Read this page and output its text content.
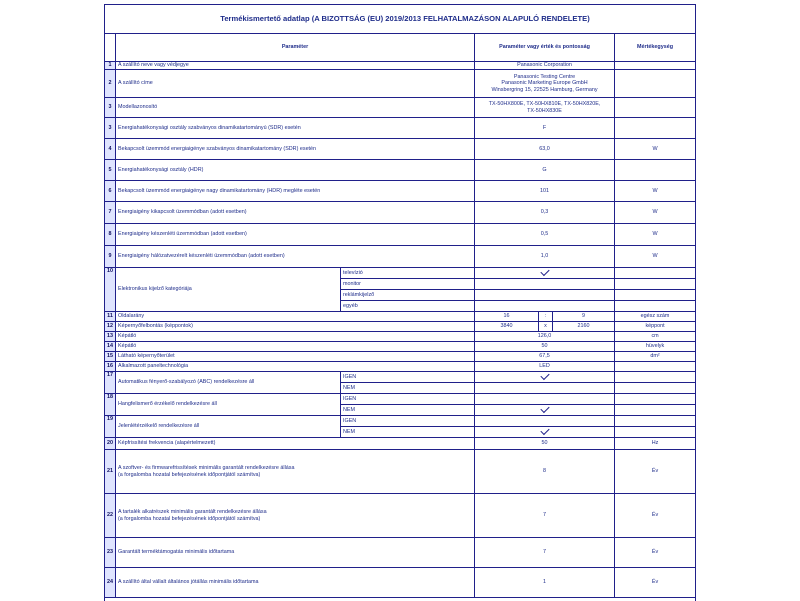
Termékismertető adatlap (A BIZOTTSÁG (EU) 2019/2013 FELHATALMAZÁSON ALAPULÓ RENDELETE)
	Paraméter		Paraméter vagy érték és pontosság			Mértékegység
1	A szállító neve vagy védjegye		Panasonic Corporation			
2	A szállító címe		Panasonic Testing Centre
Panasonic Marketing Europe GmbH
Winsbergring 15, 22525 Hamburg, Germany			

3	Modellazonosító		TX-50HX800E, TX-50HX810E, TX-50HX820E,
TX-50HX830E			

3	Energiahatékonysági osztály szabványos dinamikatartományú (SDR) esetén		F			
4	Bekapcsolt üzemmód energiaigénye szabványos dinamikatartomány (SDR) esetén		63,0			W
5	Energiahatékonysági osztály (HDR)		G			
6	Bekapcsolt üzemmód energiaigénye nagy dinamikatartomány (HDR) megléte esetén		101			W
7	Energiaigény kikapcsolt üzemmódban (adott esetben)		0,3			W
8	Energiaigény készenléti üzemmódban (adott esetben)		0,5			W
9	Energiaigény hálózatvezérelt készenléti üzemmódban (adott esetben)		1,0			W
10	Elektronikus kijelző kategóriája	televízió				
		monitor				
		reklámkijelző				
		egyéb				
11	Oldalarány		16	:	9	egész szám
12	Képernyőfelbontás (képpontok)		3840	x	2160	képpont
13	Képátló		126,0			cm
14	Képátló		50			hüvelyk
15	Látható képernyőterület		67,5			dm²
16	Alkalmazott paneltechnológia		LED			
17	Automatikus fényerő-szabályozó (ABC) rendelkezésre áll	IGEN				
		NEM				
18	Hangfelismerő érzékelő rendelkezésre áll	IGEN				
		NEM				
19	Jelenlétérzékelő rendelkezésre áll	IGEN				
		NEM				
20	Képfrissítési frekvencia (alapértelmezett)		50			Hz
21	A szoftver- és firmwarefrissítések minimális garantált rendelkezésre állása
(a forgalomba hozatal befejezésének időpontjától számítva)		8			Év
22	A tartalék alkatrészek minimális garantált rendelkezésre állása
(a forgalomba hozatal befejezésének időpontjától számítva)		7			Év
23	Garantált terméktámogatás minimális időtartama		7			Év
24	A szállító által vállalt általános jótállás minimális időtartama		1			Év
